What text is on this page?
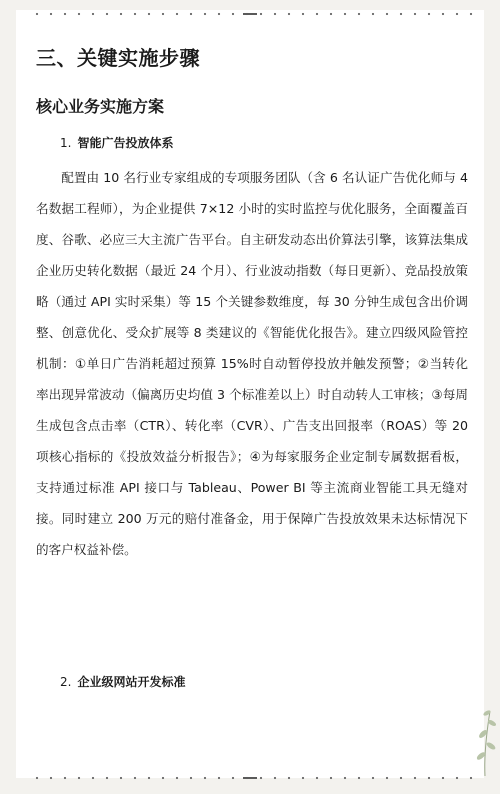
三、关键实施步骤
核心业务实施方案
1. 智能广告投放体系

配置由 10 名行业专家组成的专项服务团队（含 6 名认证广告优化师与 4 名数据工程师），为企业提供 7×12 小时的实时监控与优化服务，全面覆盖百度、谷歌、必应三大主流广告平台。自主研发动态出价算法引擎，该算法集成企业历史转化数据（最近 24 个月）、行业波动指数（每日更新）、竞品投放策略（通过 API 实时采集）等 15 个关键参数维度，每 30 分钟生成包含出价调整、创意优化、受众扩展等 8 类建议的《智能优化报告》。建立四级风险管控机制：①单日广告消耗超过预算 15%时自动暂停投放并触发预警；②当转化率出现异常波动（偏离历史均值 3 个标准差以上）时自动转人工审核；③每周生成包含点击率（CTR）、转化率（CVR）、广告支出回报率（ROAS）等 20 项核心指标的《投放效益分析报告》；④为每家服务企业定制专属数据看板，支持通过标准 API 接口与 Tableau、Power BI 等主流商业智能工具无缝对接。同时建立 200 万元的赔付准备金，用于保障广告投放效果未达标情况下的客户权益补偿。

2. 企业级网站开发标准
